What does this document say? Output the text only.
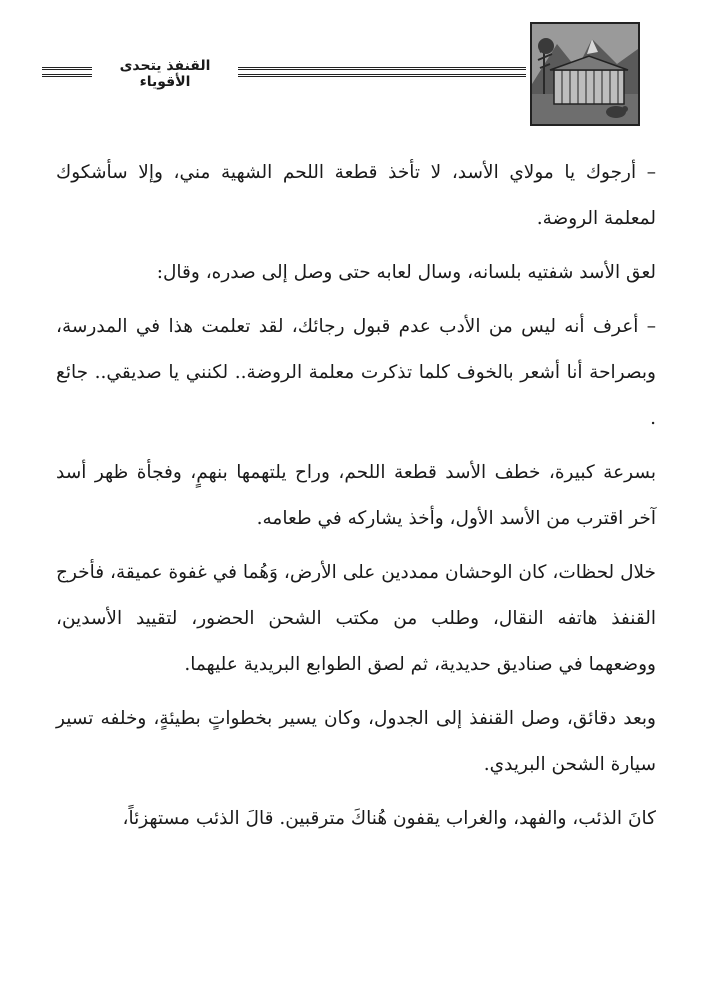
القنفذ يتحدى الأقوياء

– أرجوك يا مولاي الأسد، لا تأخذ قطعة اللحم الشهية مني، وإلا سأشكوك لمعلمة الروضة.

لعق الأسد شفتيه بلسانه، وسال لعابه حتى وصل إلى صدره، وقال:

– أعرف أنه ليس من الأدب عدم قبول رجائك، لقد تعلمت هذا في المدرسة، وبصراحة أنا أشعر بالخوف كلما تذكرت معلمة الروضة.. لكنني يا صديقي.. جائع .

بسرعة كبيرة، خطف الأسد قطعة اللحم، وراح يلتهمها بنهمٍ، وفجأة ظهر أسد آخر اقترب من الأسد الأول، وأخذ يشاركه في طعامه.

خلال لحظات، كان الوحشان ممددين على الأرض، وَهُما في غفوة عميقة، فأخرج القنفذ هاتفه النقال، وطلب من مكتب الشحن الحضور، لتقييد الأسدين، ووضعهما في صناديق حديدية، ثم لصق الطوابع البريدية عليهما.

وبعد دقائق، وصل القنفذ إلى الجدول، وكان يسير بخطواتٍ بطيئةٍ، وخلفه تسير سيارة الشحن البريدي.

كانَ الذئب، والفهد، والغراب يقفون هُناكَ مترقبين. قالَ الذئب مستهزئاً،
